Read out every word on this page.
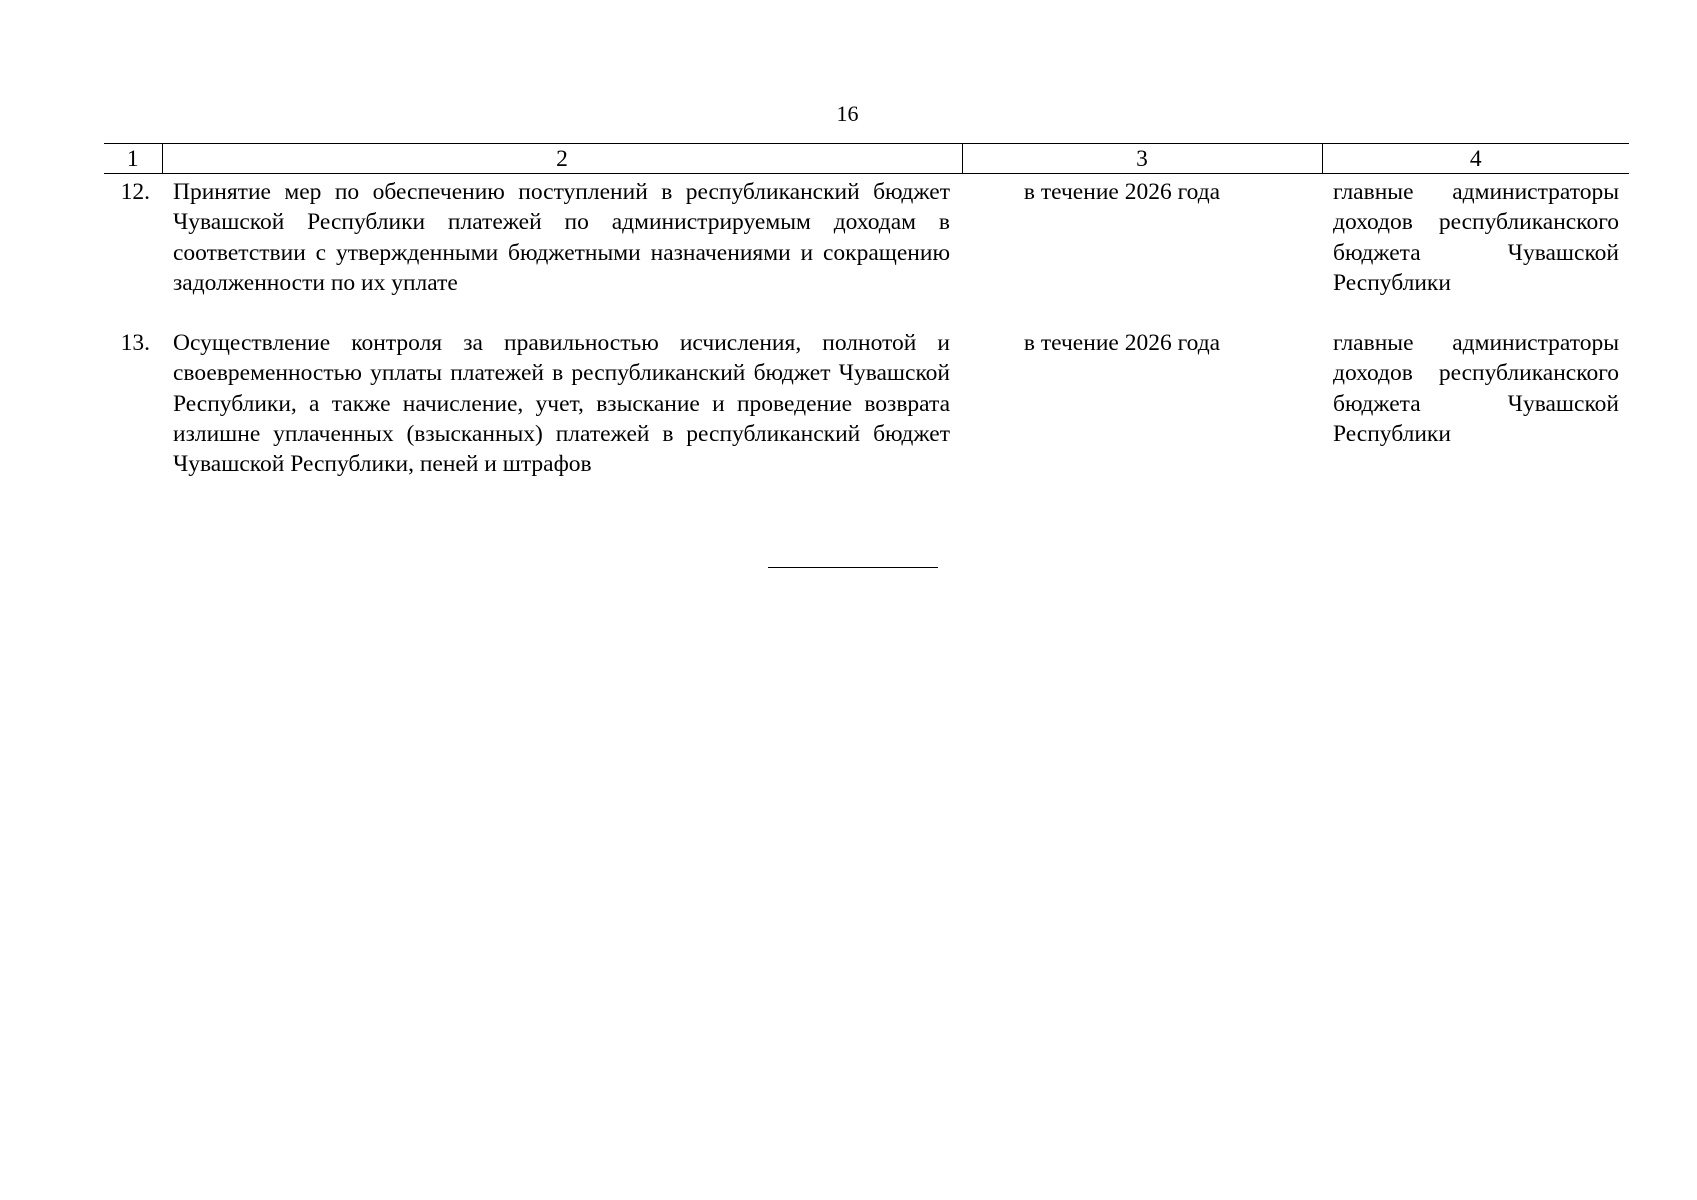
16
1	2	3	4
12.	Принятие мер по обеспечению поступлений в республиканский бюджет Чувашской Республики платежей по администрируемым доходам в соответствии с утвержденными бюджетными назначениями и сокращению задолженности по их уплате	в течение 2026 года	главные администраторы доходов республиканского бюджета Чувашской Республики
13.	Осуществление контроля за правильностью исчисления, полнотой и своевременностью уплаты платежей в республиканский бюджет Чувашской Республики, а также начисление, учет, взыскание и проведение возврата излишне уплаченных (взысканных) платежей в республиканский бюджет Чувашской Республики, пеней и штрафов	в течение 2026 года	главные администраторы доходов республиканского бюджета Чувашской Республики
